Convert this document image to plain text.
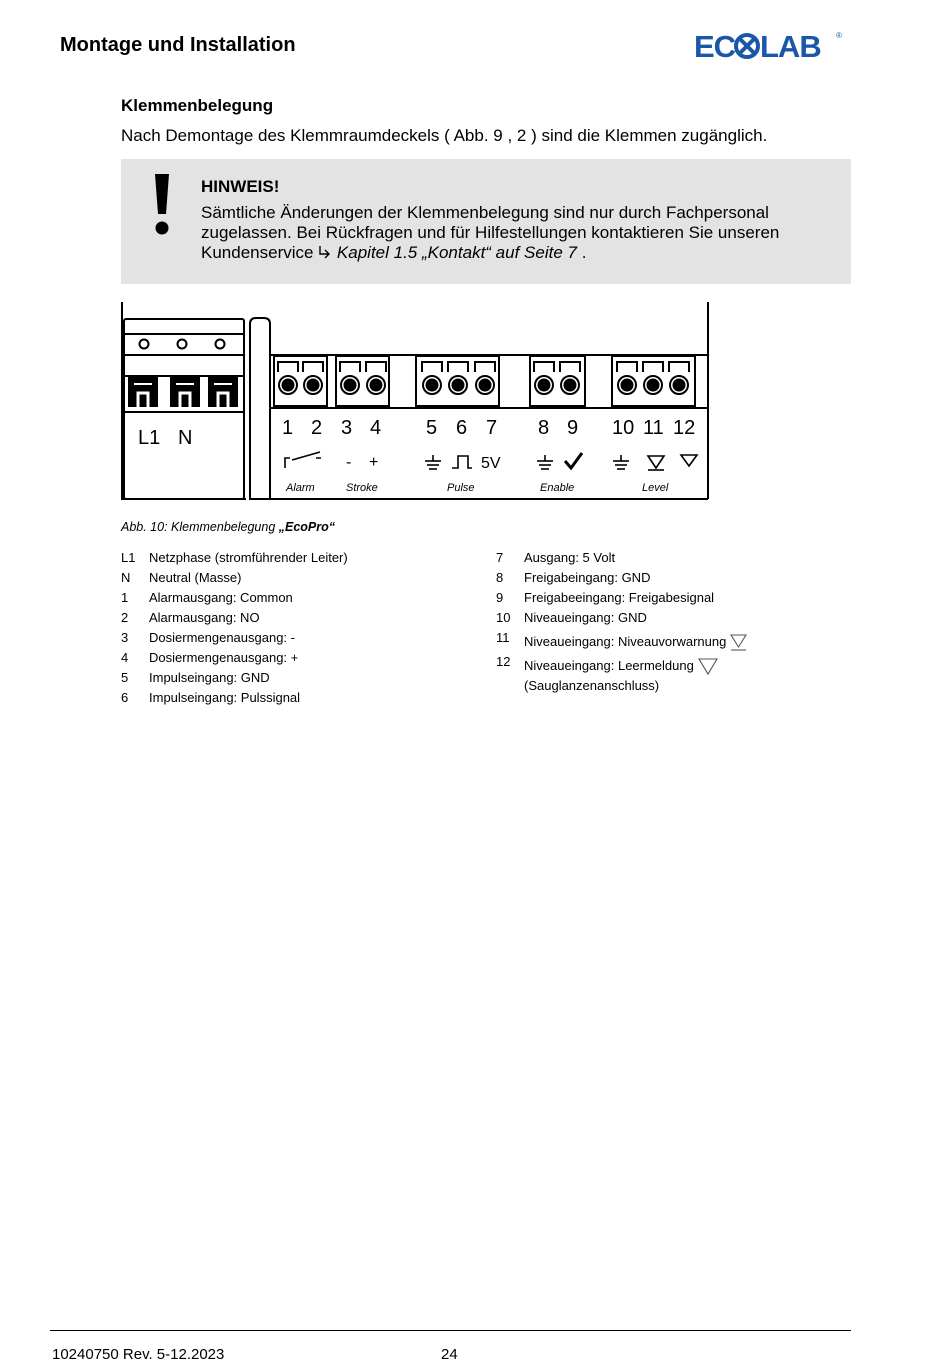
Montage und Installation	EC LAB ®
Klemmenbelegung
Nach Demontage des Klemmraumdeckels ( Abb. 9 , 2 ) sind die Klemmen zugänglich.
HINWEIS!
Sämtliche Änderungen der Klemmenbelegung sind nur durch Fachpersonal zugelassen. Bei Rückfragen und für Hilfestellungen kontaktieren Sie unseren Kundenservice  Kapitel 1.5 „Kontakt“ auf Seite 7 .
L1 N	1 2 3 4 5 6 7 8 9 10 11 12
- +	5V
Alarm	Stroke	Pulse	Enable	Level
Abb. 10: Klemmenbelegung „EcoPro“
L1	Netzphase (stromführender Leiter)
N	Neutral (Masse)
1	Alarmausgang: Common
2	Alarmausgang: NO
3	Dosiermengenausgang: -
4	Dosiermengenausgang: +
5	Impulseingang: GND
6	Impulseingang: Pulssignal
7	Ausgang: 5 Volt
8	Freigabeingang: GND
9	Freigabeeingang: Freigabesignal
10	Niveaueingang: GND
11	Niveaueingang: Niveauvorwarnung
12	Niveaueingang: Leermeldung
(Sauglanzenanschluss)
10240750 Rev. 5-12.2023	24
